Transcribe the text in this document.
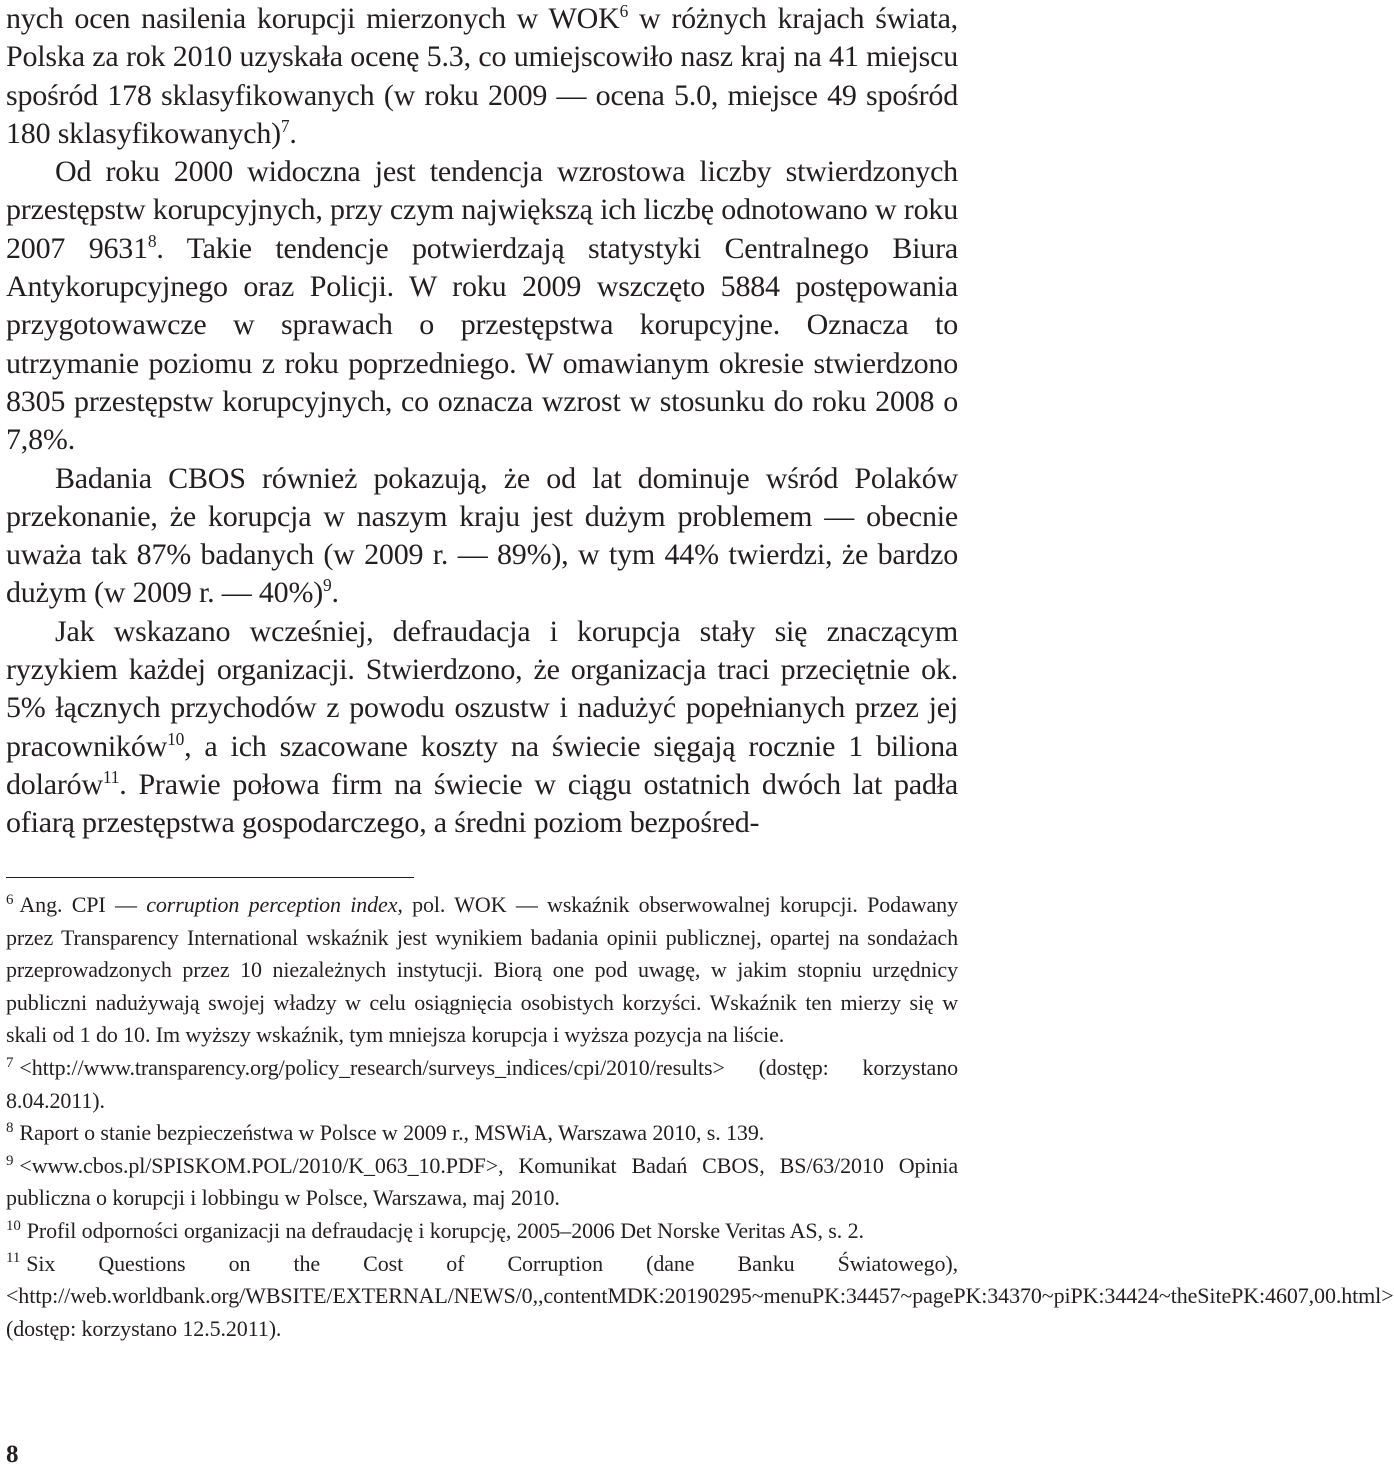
nych ocen nasilenia korupcji mierzonych w WOK$^6$ w różnych krajach świata, Polska za rok 2010 uzyskała ocenę 5.3, co umiejscowiło nasz kraj na 41 miejscu spośród 178 sklasyfikowanych (w roku 2009 — ocena 5.0, miejsce 49 spośród 180 sklasyfikowanych)$^7$.

Od roku 2000 widoczna jest tendencja wzrostowa liczby stwierdzonych przestępstw korupcyjnych, przy czym największą ich liczbę odnotowano w roku 2007 9631$^8$. Takie tendencje potwierdzają statystyki Centralnego Biura Antykorupcyjnego oraz Policji. W roku 2009 wszczęto 5884 postępowania przygotowawcze w sprawach o przestępstwa korupcyjne. Oznacza to utrzymanie poziomu z roku poprzedniego. W omawianym okresie stwierdzono 8305 przestępstw korupcyjnych, co oznacza wzrost w stosunku do roku 2008 o 7,8%.

Badania CBOS również pokazują, że od lat dominuje wśród Polaków przekonanie, że korupcja w naszym kraju jest dużym problemem — obecnie uważa tak 87% badanych (w 2009 r. — 89%), w tym 44% twierdzi, że bardzo dużym (w 2009 r. — 40%)$^9$.

Jak wskazano wcześniej, defraudacja i korupcja stały się znaczącym ryzykiem każdej organizacji. Stwierdzono, że organizacja traci przeciętnie ok. 5% łącznych przychodów z powodu oszustw i nadużyć popełnianych przez jej pracowników$^{10}$, a ich szacowane koszty na świecie sięgają rocznie 1 biliona dolarów$^{11}$. Prawie połowa firm na świecie w ciągu ostatnich dwóch lat padła ofiarą przestępstwa gospodarczego, a średni poziom bezpośred-

$^6$ Ang. CPI — corruption perception index, pol. WOK — wskaźnik obserwowalnej korupcji. Podawany przez Transparency International wskaźnik jest wynikiem badania opinii publicznej, opartej na sondażach przeprowadzonych przez 10 niezależnych instytucji. Biorą one pod uwagę, w jakim stopniu urzędnicy publiczni nadużywają swojej władzy w celu osiągnięcia osobistych korzyści. Wskaźnik ten mierzy się w skali od 1 do 10. Im wyższy wskaźnik, tym mniejsza korupcja i wyższa pozycja na liście.

$^7$ <http://www.transparency.org/policy_research/surveys_indices/cpi/2010/results> (dostęp: korzystano 8.04.2011).

$^8$ Raport o stanie bezpieczeństwa w Polsce w 2009 r., MSWiA, Warszawa 2010, s. 139.

$^9$ <www.cbos.pl/SPISKOM.POL/2010/K_063_10.PDF>, Komunikat Badań CBOS, BS/63/2010 Opinia publiczna o korupcji i lobbingu w Polsce, Warszawa, maj 2010.

$^{10}$ Profil odporności organizacji na defraudację i korupcję, 2005–2006 Det Norske Veritas AS, s. 2.

$^{11}$ Six Questions on the Cost of Corruption (dane Banku Światowego), <http://web.worldbank.org/WBSITE/EXTERNAL/NEWS/0,,contentMDK:20190295~menuPK:34457~pagePK:34370~piPK:34424~theSitePK:4607,00.html> (dostęp: korzystano 12.5.2011).

8
